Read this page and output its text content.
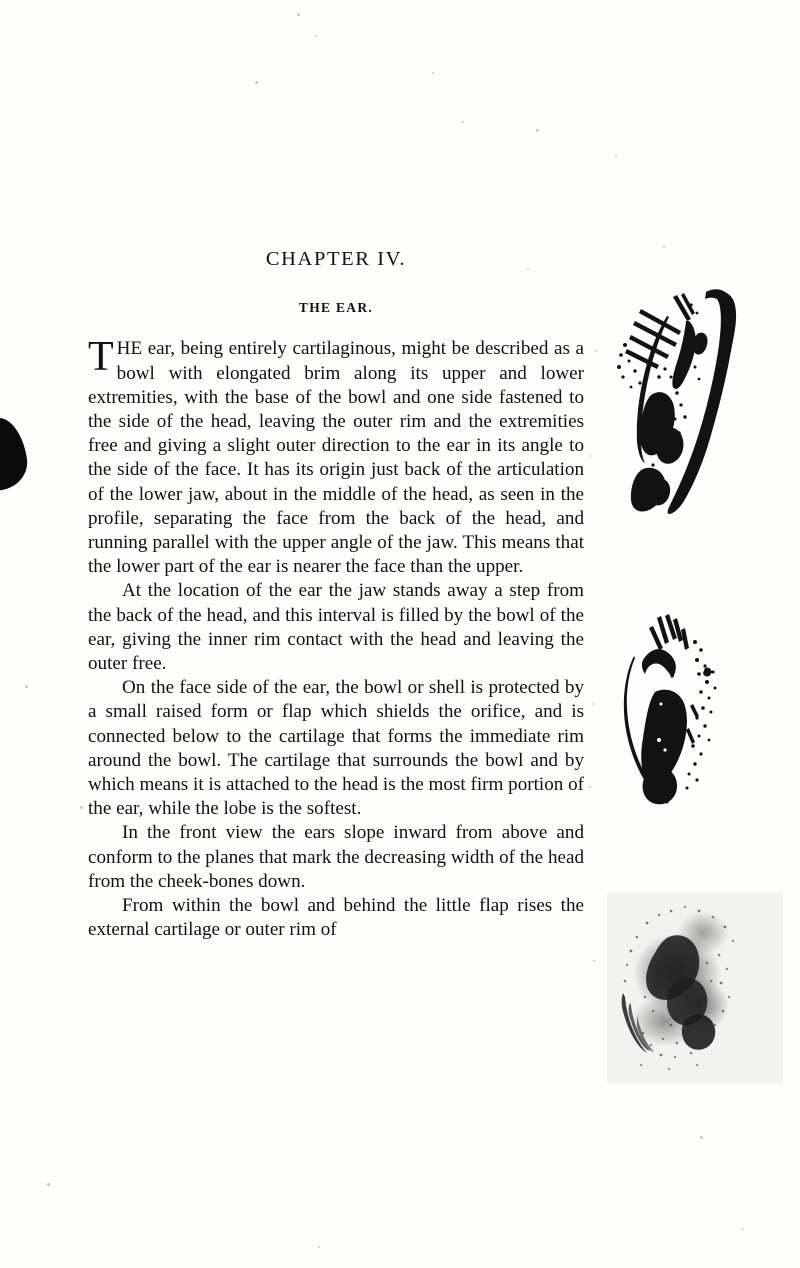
CHAPTER IV.
THE EAR.

THE ear, being entirely cartilaginous, might be described as a bowl with elongated brim along its upper and lower extremities, with the base of the bowl and one side fastened to the side of the head, leaving the outer rim and the extremities free and giving a slight outer direction to the ear in its angle to the side of the face. It has its origin just back of the articulation of the lower jaw, about in the middle of the head, as seen in the profile, separating the face from the back of the head, and running parallel with the upper angle of the jaw. This means that the lower part of the ear is nearer the face than the upper.

At the location of the ear the jaw stands away a step from the back of the head, and this interval is filled by the bowl of the ear, giving the inner rim contact with the head and leaving the outer free.

On the face side of the ear, the bowl or shell is protected by a small raised form or flap which shields the orifice, and is connected below to the cartilage that forms the immediate rim around the bowl. The cartilage that surrounds the bowl and by which means it is attached to the head is the most firm portion of the ear, while the lobe is the softest.

In the front view the ears slope inward from above and conform to the planes that mark the decreasing width of the head from the cheek-bones down.

From within the bowl and behind the little flap rises the external cartilage or outer rim of
